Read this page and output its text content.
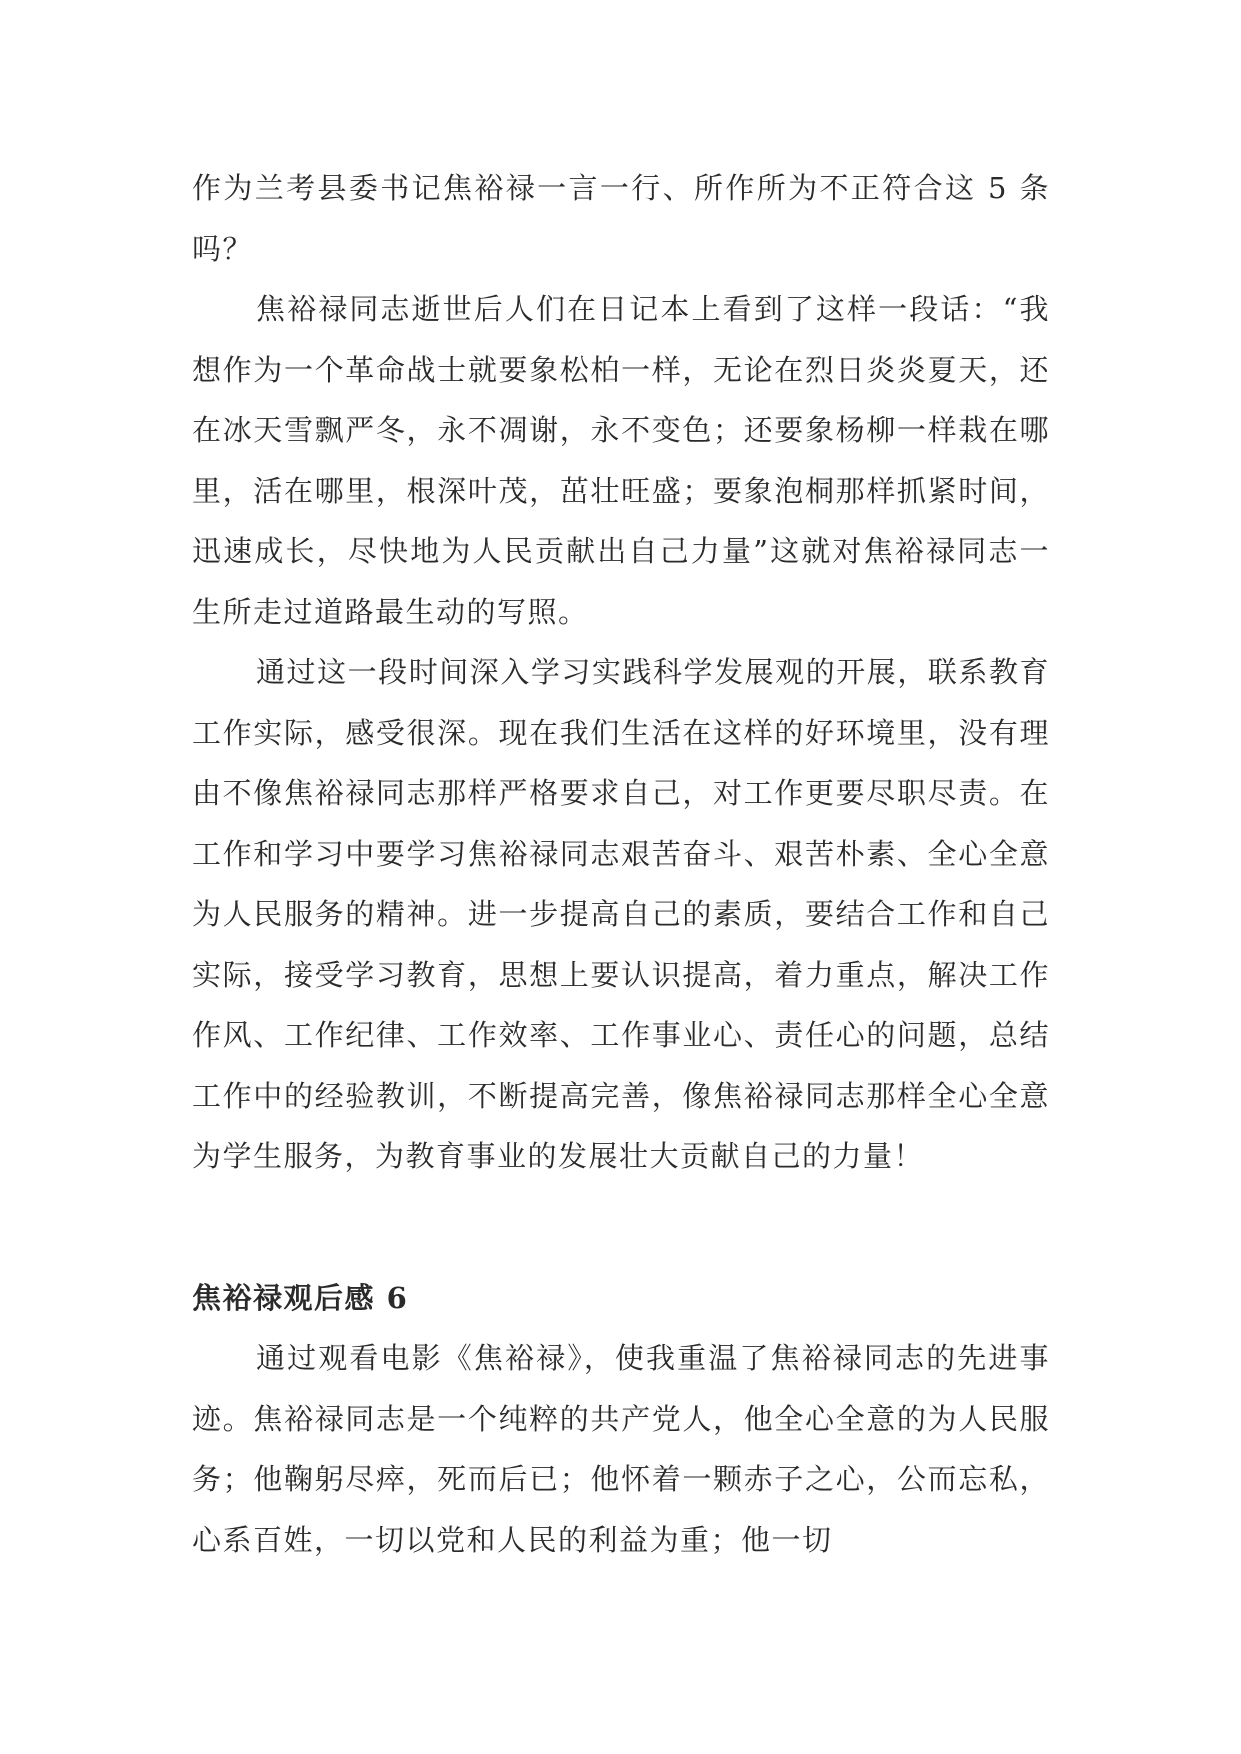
作为兰考县委书记焦裕禄一言一行、所作所为不正符合这 5 条吗？

焦裕禄同志逝世后人们在日记本上看到了这样一段话：“我想作为一个革命战士就要象松柏一样，无论在烈日炎炎夏天，还在冰天雪飘严冬，永不凋谢，永不变色；还要象杨柳一样栽在哪里，活在哪里，根深叶茂，茁壮旺盛；要象泡桐那样抓紧时间，迅速成长，尽快地为人民贡献出自己力量”这就对焦裕禄同志一生所走过道路最生动的写照。

通过这一段时间深入学习实践科学发展观的开展，联系教育工作实际，感受很深。现在我们生活在这样的好环境里，没有理由不像焦裕禄同志那样严格要求自己，对工作更要尽职尽责。在工作和学习中要学习焦裕禄同志艰苦奋斗、艰苦朴素、全心全意为人民服务的精神。进一步提高自己的素质，要结合工作和自己实际，接受学习教育，思想上要认识提高，着力重点，解决工作作风、工作纪律、工作效率、工作事业心、责任心的问题，总结工作中的经验教训，不断提高完善，像焦裕禄同志那样全心全意为学生服务，为教育事业的发展壮大贡献自己的力量！

焦裕禄观后感 6

通过观看电影《焦裕禄》，使我重温了焦裕禄同志的先进事迹。焦裕禄同志是一个纯粹的共产党人，他全心全意的为人民服务；他鞠躬尽瘁，死而后已；他怀着一颗赤子之心，公而忘私，心系百姓，一切以党和人民的利益为重；他一切
